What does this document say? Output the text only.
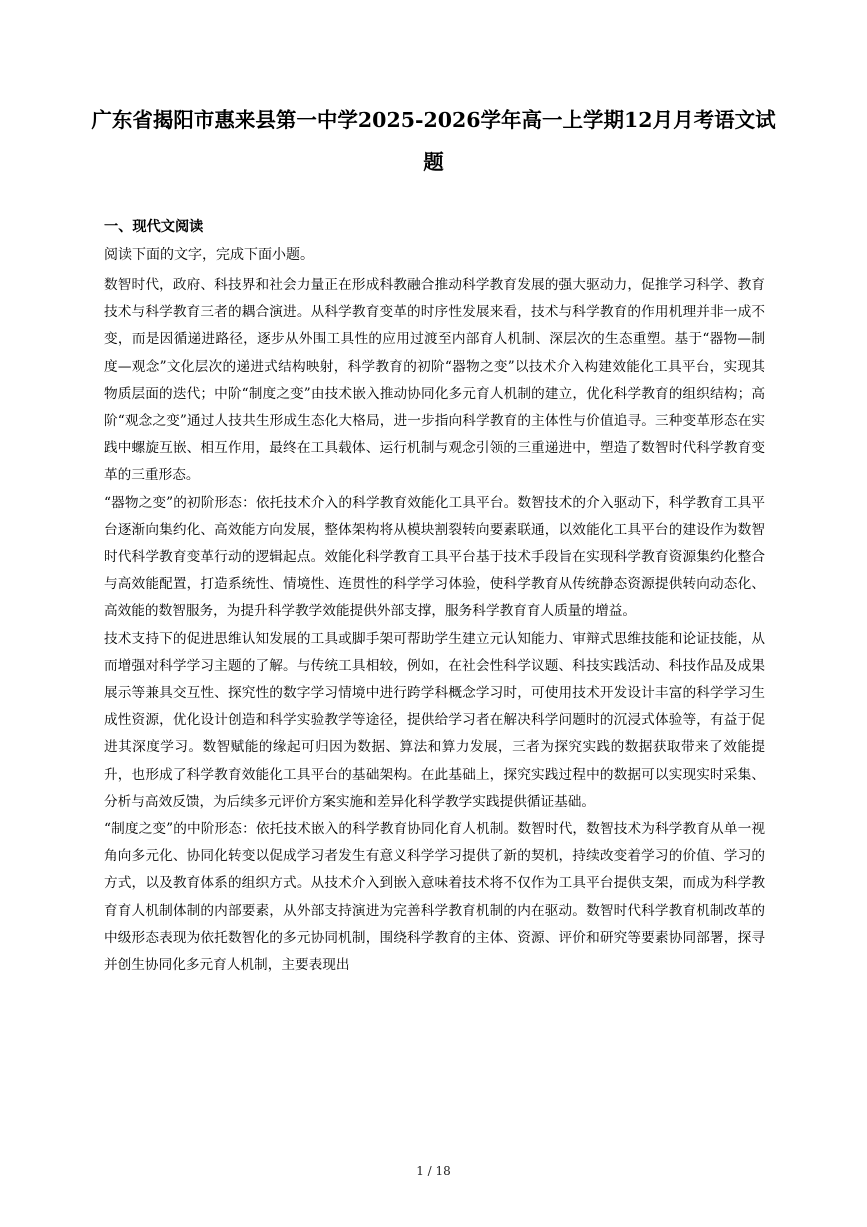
广东省揭阳市惠来县第一中学2025-2026学年高一上学期12月月考语文试题
一、现代文阅读
阅读下面的文字，完成下面小题。

数智时代，政府、科技界和社会力量正在形成科教融合推动科学教育发展的强大驱动力，促推学习科学、教育技术与科学教育三者的耦合演进。从科学教育变革的时序性发展来看，技术与科学教育的作用机理并非一成不变，而是因循递进路径，逐步从外围工具性的应用过渡至内部育人机制、深层次的生态重塑。基于“器物—制度—观念”文化层次的递进式结构映射，科学教育的初阶“器物之变”以技术介入构建效能化工具平台，实现其物质层面的迭代；中阶“制度之变”由技术嵌入推动协同化多元育人机制的建立，优化科学教育的组织结构；高阶“观念之变”通过人技共生形成生态化大格局，进一步指向科学教育的主体性与价值追寻。三种变革形态在实践中螺旋互嵌、相互作用，最终在工具载体、运行机制与观念引领的三重递进中，塑造了数智时代科学教育变革的三重形态。

“器物之变”的初阶形态：依托技术介入的科学教育效能化工具平台。数智技术的介入驱动下，科学教育工具平台逐渐向集约化、高效能方向发展，整体架构将从模块割裂转向要素联通，以效能化工具平台的建设作为数智时代科学教育变革行动的逻辑起点。效能化科学教育工具平台基于技术手段旨在实现科学教育资源集约化整合与高效能配置，打造系统性、情境性、连贯性的科学学习体验，使科学教育从传统静态资源提供转向动态化、高效能的数智服务，为提升科学教学效能提供外部支撑，服务科学教育育人质量的增益。

技术支持下的促进思维认知发展的工具或脚手架可帮助学生建立元认知能力、审辩式思维技能和论证技能，从而增强对科学学习主题的了解。与传统工具相较，例如，在社会性科学议题、科技实践活动、科技作品及成果展示等兼具交互性、探究性的数字学习情境中进行跨学科概念学习时，可使用技术开发设计丰富的科学学习生成性资源，优化设计创造和科学实验教学等途径，提供给学习者在解决科学问题时的沉浸式体验等，有益于促进其深度学习。数智赋能的缘起可归因为数据、算法和算力发展，三者为探究实践的数据获取带来了效能提升，也形成了科学教育效能化工具平台的基础架构。在此基础上，探究实践过程中的数据可以实现实时采集、分析与高效反馈，为后续多元评价方案实施和差异化科学教学实践提供循证基础。

“制度之变”的中阶形态：依托技术嵌入的科学教育协同化育人机制。数智时代，数智技术为科学教育从单一视角向多元化、协同化转变以促成学习者发生有意义科学学习提供了新的契机，持续改变着学习的价值、学习的方式，以及教育体系的组织方式。从技术介入到嵌入意味着技术将不仅作为工具平台提供支架，而成为科学教育育人机制体制的内部要素，从外部支持演进为完善科学教育机制的内在驱动。数智时代科学教育机制改革的中级形态表现为依托数智化的多元协同机制，围绕科学教育的主体、资源、评价和研究等要素协同部署，探寻并创生协同化多元育人机制，主要表现出

1 / 18
